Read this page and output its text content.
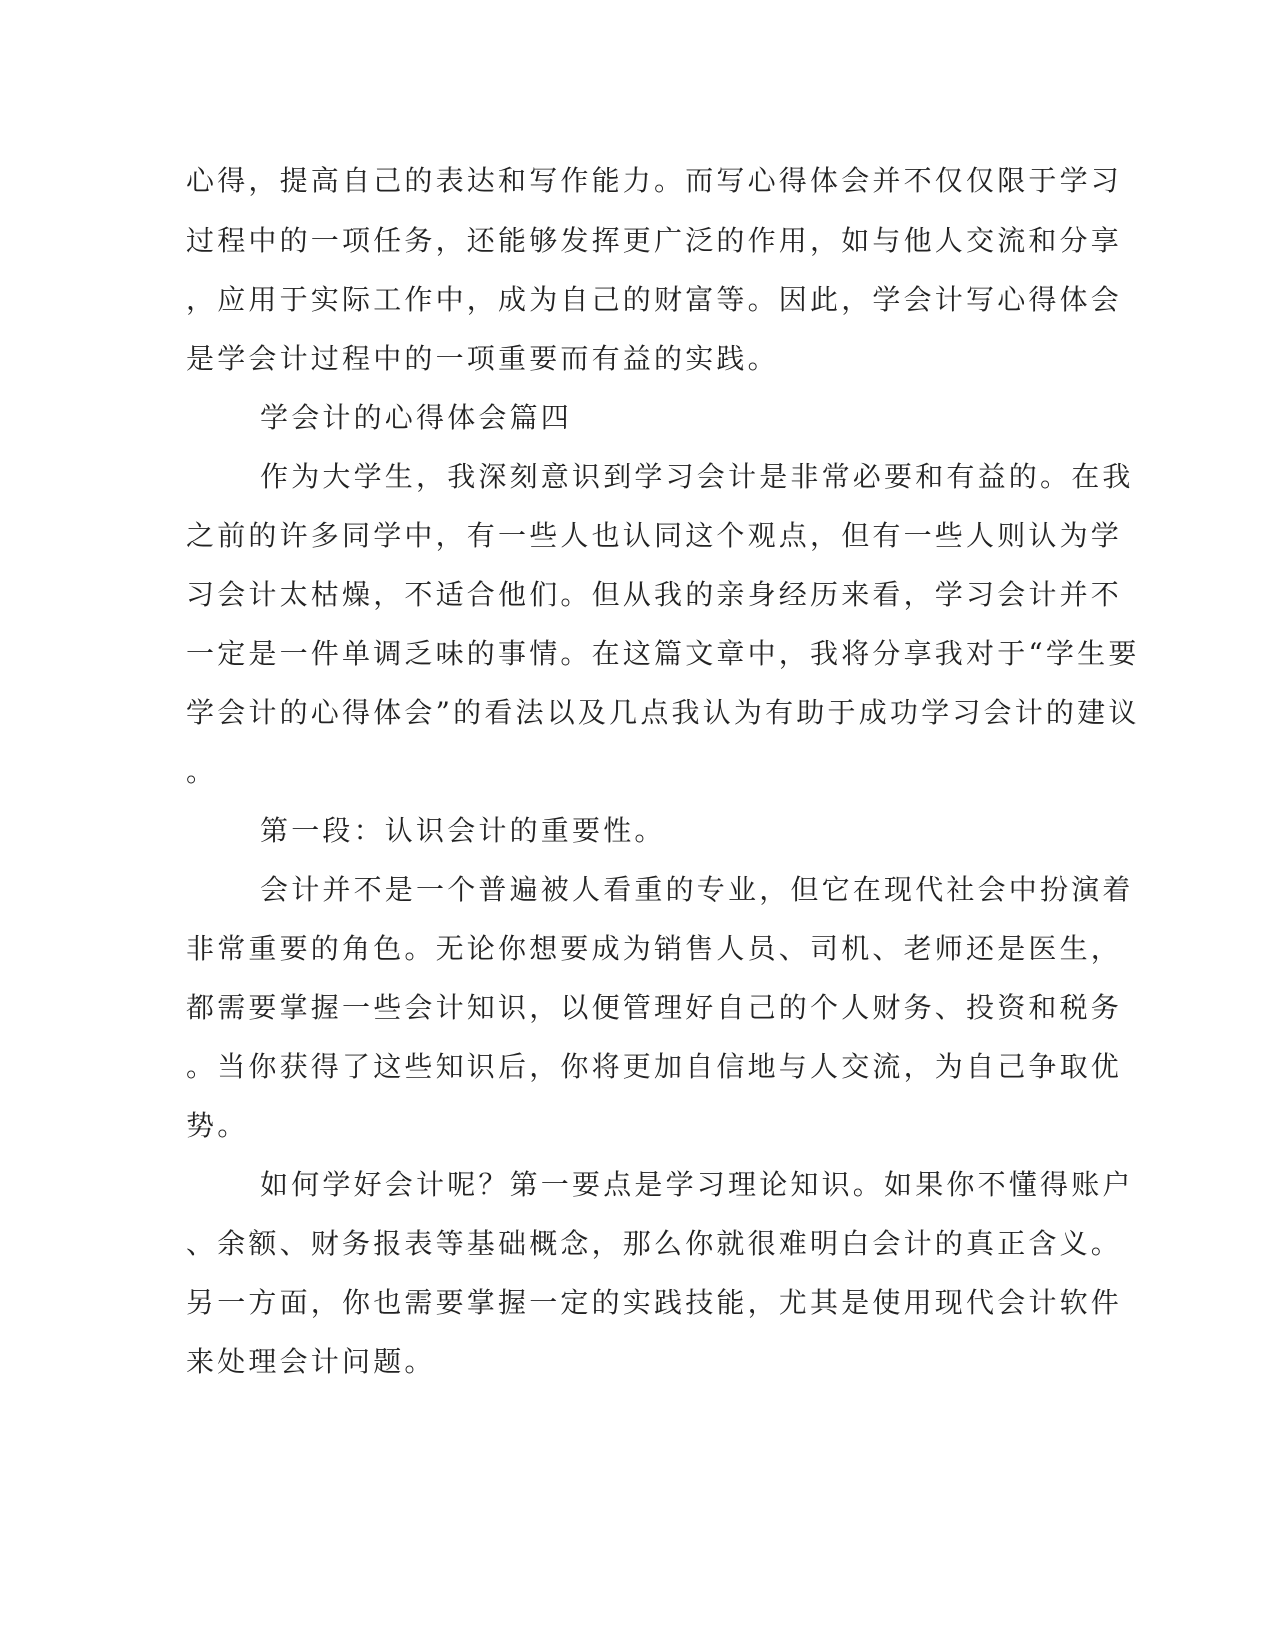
心得，提高自己的表达和写作能力。而写心得体会并不仅仅限于学习
过程中的一项任务，还能够发挥更广泛的作用，如与他人交流和分享
，应用于实际工作中，成为自己的财富等。因此，学会计写心得体会
是学会计过程中的一项重要而有益的实践。
学会计的心得体会篇四
作为大学生，我深刻意识到学习会计是非常必要和有益的。在我
之前的许多同学中，有一些人也认同这个观点，但有一些人则认为学
习会计太枯燥，不适合他们。但从我的亲身经历来看，学习会计并不
一定是一件单调乏味的事情。在这篇文章中，我将分享我对于“学生要
学会计的心得体会”的看法以及几点我认为有助于成功学习会计的建议
。
第一段：认识会计的重要性。
会计并不是一个普遍被人看重的专业，但它在现代社会中扮演着
非常重要的角色。无论你想要成为销售人员、司机、老师还是医生，
都需要掌握一些会计知识，以便管理好自己的个人财务、投资和税务
。当你获得了这些知识后，你将更加自信地与人交流，为自己争取优
势。
如何学好会计呢？第一要点是学习理论知识。如果你不懂得账户
、余额、财务报表等基础概念，那么你就很难明白会计的真正含义。
另一方面，你也需要掌握一定的实践技能，尤其是使用现代会计软件
来处理会计问题。
